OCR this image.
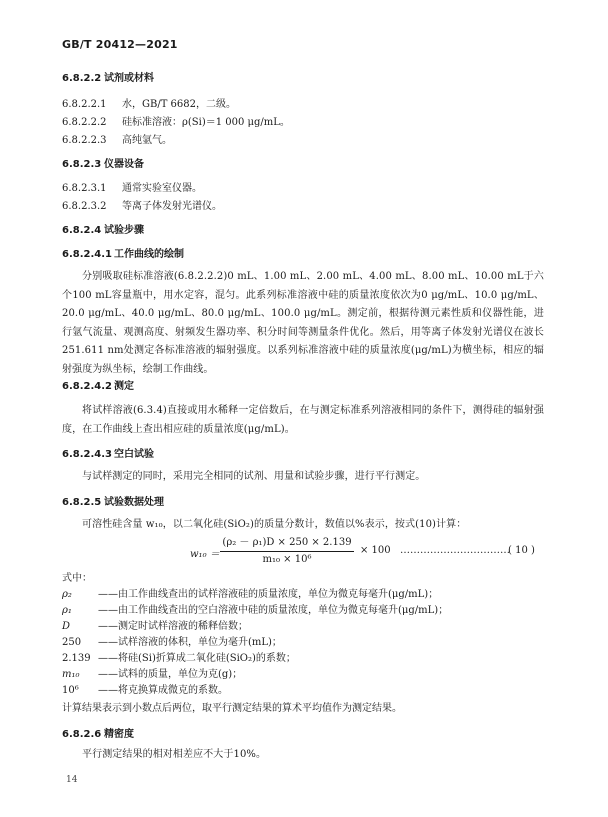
GB/T 20412—2021
6.8.2.2 试剂或材料
6.8.2.2.1 水，GB/T 6682，二级。
6.8.2.2.2 硅标准溶液：ρ(Si)＝1 000 μg/mL。
6.8.2.2.3 高纯氩气。
6.8.2.3 仪器设备
6.8.2.3.1 通常实验室仪器。
6.8.2.3.2 等离子体发射光谱仪。
6.8.2.4 试验步骤
6.8.2.4.1 工作曲线的绘制
分别吸取硅标准溶液(6.8.2.2.2)0 mL、1.00 mL、2.00 mL、4.00 mL、8.00 mL、10.00 mL于六个100 mL容量瓶中，用水定容，混匀。此系列标准溶液中硅的质量浓度依次为0 μg/mL、10.0 μg/mL、20.0 μg/mL、40.0 μg/mL、80.0 μg/mL、100.0 μg/mL。测定前，根据待测元素性质和仪器性能，进行氩气流量、观测高度、射频发生器功率、积分时间等测量条件优化。然后，用等离子体发射光谱仪在波长251.611 nm处测定各标准溶液的辐射强度。以系列标准溶液中硅的质量浓度(μg/mL)为横坐标，相应的辐射强度为纵坐标，绘制工作曲线。
6.8.2.4.2 测定
将试样溶液(6.3.4)直接或用水稀释一定倍数后，在与测定标准系列溶液相同的条件下，测得硅的辐射强度，在工作曲线上查出相应硅的质量浓度(μg/mL)。
6.8.2.4.3 空白试验
与试样测定的同时，采用完全相同的试剂、用量和试验步骤，进行平行测定。
6.8.2.5 试验数据处理
可溶性硅含量 w₁₀，以二氧化硅(SiO₂)的质量分数计，数值以%表示，按式(10)计算：
w₁₀ ＝
(ρ₂ － ρ₁)D × 250 × 2.139
m₁₀ × 10⁶
× 100 ……………………………
( 10 )
式中：
ρ₂	——由工作曲线查出的试样溶液硅的质量浓度，单位为微克每毫升(μg/mL)；
ρ₁	——由工作曲线查出的空白溶液中硅的质量浓度，单位为微克每毫升(μg/mL)；
D	——测定时试样溶液的稀释倍数；
250 ——试样溶液的体积，单位为毫升(mL)；
2.139 ——将硅(Si)折算成二氧化硅(SiO₂)的系数；
m₁₀ ——试料的质量，单位为克(g)；
10⁶ ——将克换算成微克的系数。
计算结果表示到小数点后两位，取平行测定结果的算术平均值作为测定结果。
6.8.2.6 精密度
平行测定结果的相对相差应不大于10%。
14
